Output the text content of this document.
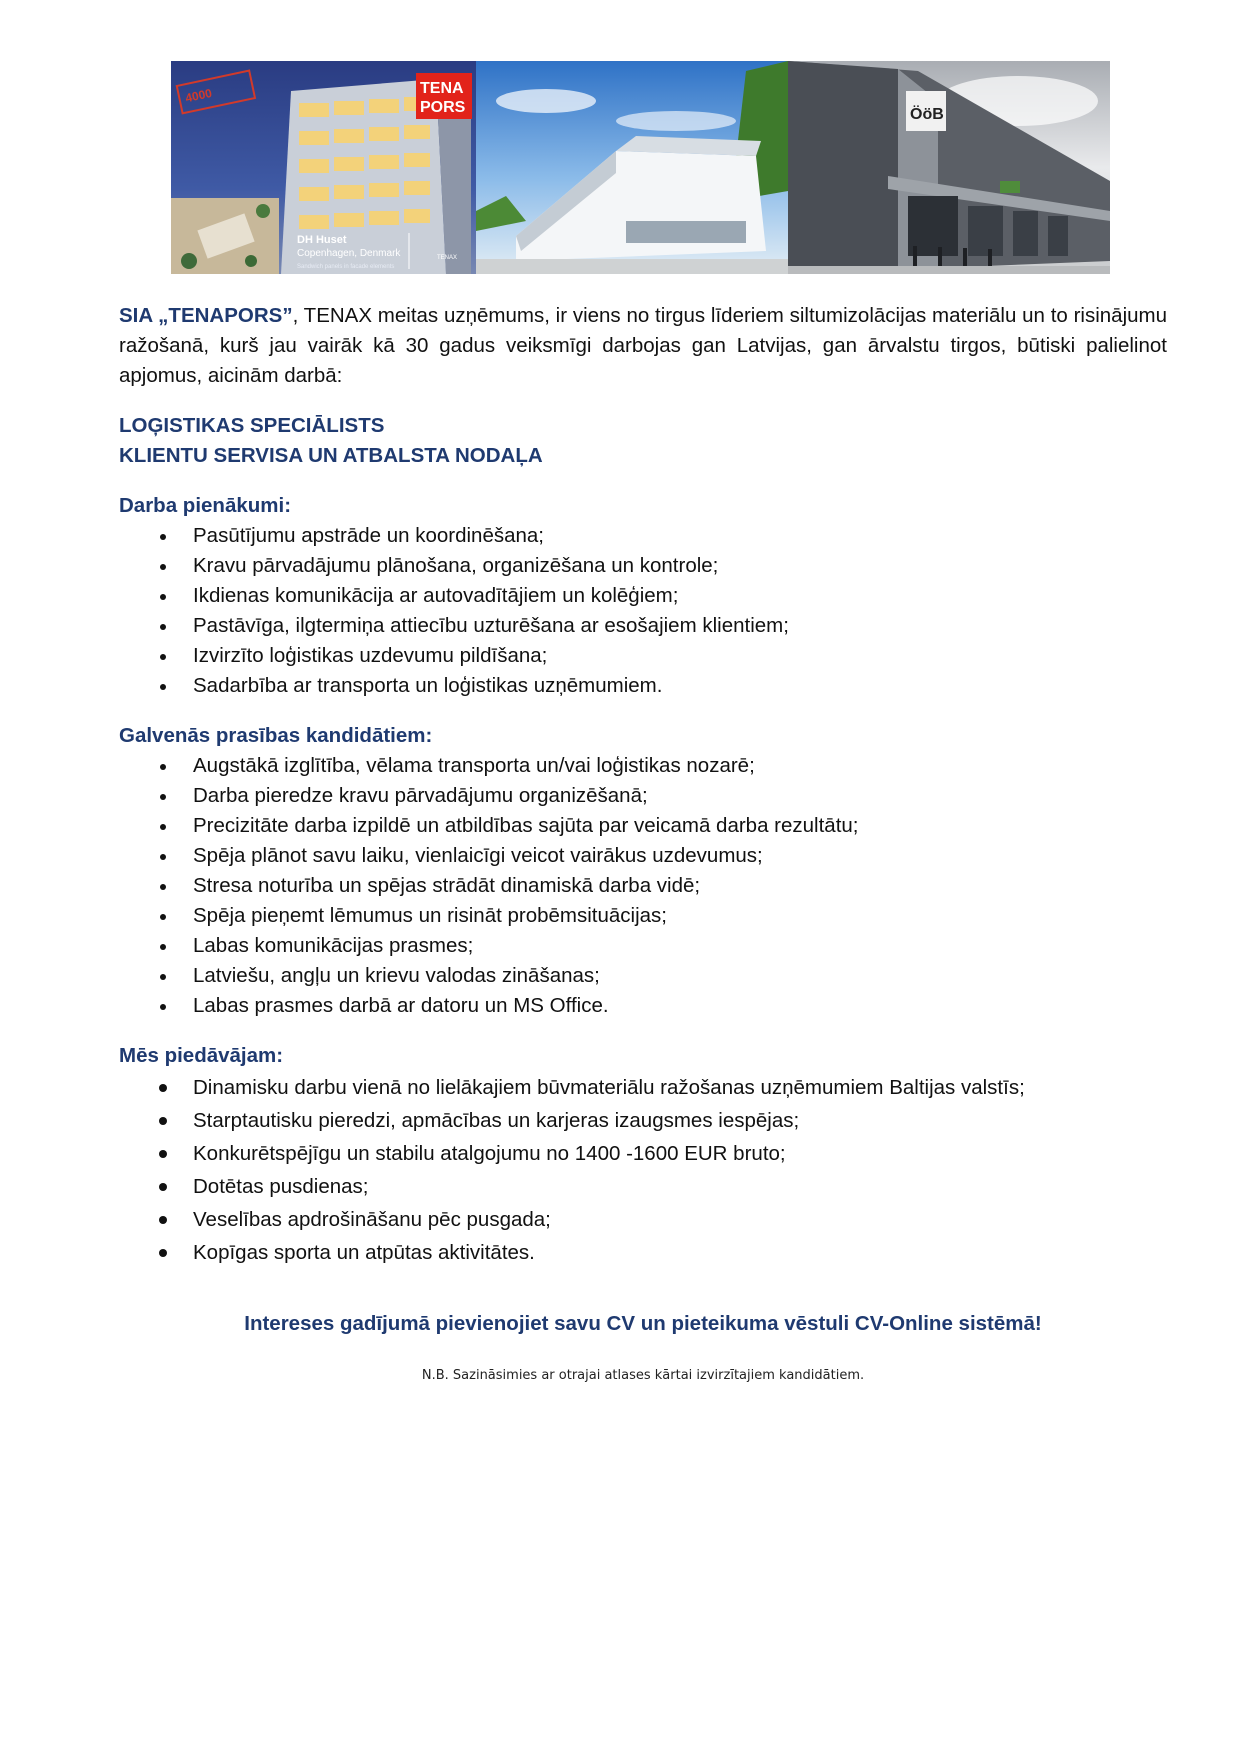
4000	TENA
PORS
DH Huset
Copenhagen, Denmark
Sandwich panels in facade elements
TENAX
ÖöB

SIA „TENAPORS”, TENAX meitas uzņēmums, ir viens no tirgus līderiem siltumizolācijas materiālu un to risinājumu ražošanā, kurš jau vairāk kā 30 gadus veiksmīgi darbojas gan Latvijas, gan ārvalstu tirgos, būtiski palielinot apjomus, aicinām darbā:

LOĢISTIKAS SPECIĀLISTS

KLIENTU SERVISA UN ATBALSTA NODAĻA

Darba pienākumi:

Pasūtījumu apstrāde un koordinēšana;
Kravu pārvadājumu plānošana, organizēšana un kontrole;
Ikdienas komunikācija ar autovadītājiem un kolēģiem;
Pastāvīga, ilgtermiņa attiecību uzturēšana ar esošajiem klientiem;
Izvirzīto loģistikas uzdevumu pildīšana;
Sadarbība ar transporta un loģistikas uzņēmumiem.

Galvenās prasības kandidātiem:

Augstākā izglītība, vēlama transporta un/vai loģistikas nozarē;
Darba pieredze kravu pārvadājumu organizēšanā;
Precizitāte darba izpildē un atbildības sajūta par veicamā darba rezultātu;
Spēja plānot savu laiku, vienlaicīgi veicot vairākus uzdevumus;
Stresa noturība un spējas strādāt dinamiskā darba vidē;
Spēja pieņemt lēmumus un risināt probēmsituācijas;
Labas komunikācijas prasmes;
Latviešu, angļu un krievu valodas zināšanas;
Labas prasmes darbā ar datoru un MS Office.

Mēs piedāvājam:

Dinamisku darbu vienā no lielākajiem būvmateriālu ražošanas uzņēmumiem Baltijas valstīs;
Starptautisku pieredzi, apmācības un karjeras izaugsmes iespējas;
Konkurētspējīgu un stabilu atalgojumu no 1400 -1600 EUR bruto;
Dotētas pusdienas;
Veselības apdrošināšanu pēc pusgada;
Kopīgas sporta un atpūtas aktivitātes.

Intereses gadījumā pievienojiet savu CV un pieteikuma vēstuli CV-Online sistēmā!

N.B. Sazināsimies ar otrajai atlases kārtai izvirzītajiem kandidātiem.
